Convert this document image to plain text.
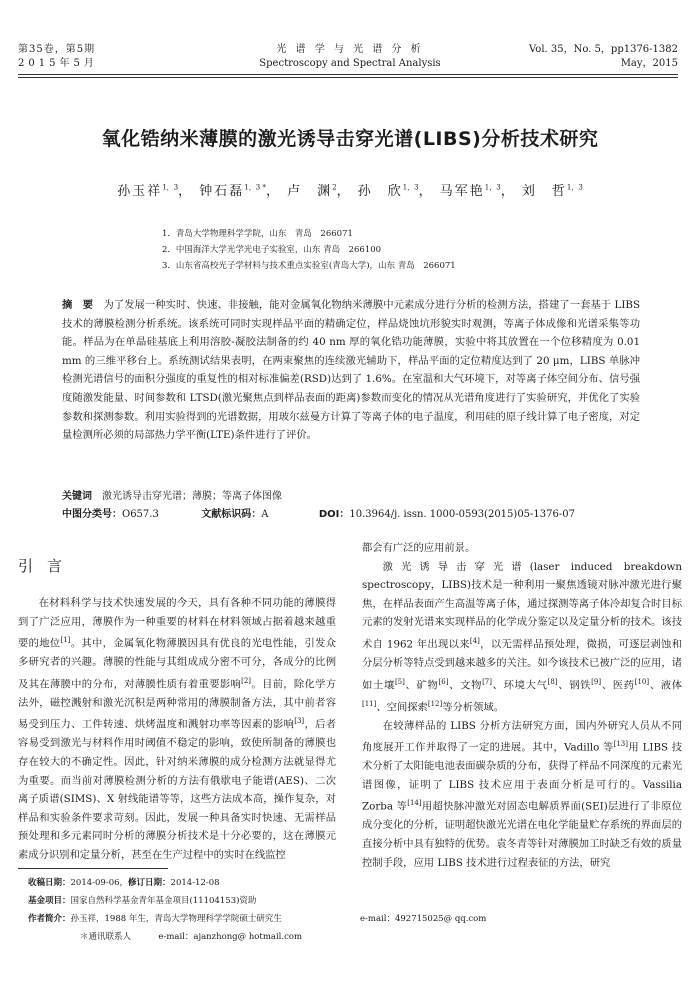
第35卷，第5期
2015年5月
光 谱 学 与 光 谱 分 析
Spectroscopy and Spectral Analysis
Vol. 35，No. 5，pp1376-1382
May，2015
氧化锆纳米薄膜的激光诱导击穿光谱(LIBS)分析技术研究
孙玉祥$^{1,3}$， 钟石磊$^{1,3 *}$， 卢　渊$^2$， 孙　欣$^{1,3}$， 马军艳$^{1,3}$， 刘　哲$^{1,3}$
1．青岛大学物理科学学院，山东　青岛　266071
2．中国海洋大学光学光电子实验室，山东 青岛　266100
3．山东省高校光子学材料与技术重点实验室(青岛大学)，山东 青岛　266071
摘　要　 为了发展一种实时、快速、非接触，能对金属氧化物纳米薄膜中元素成分进行分析的检测方法，搭建了一套基于 LIBS 技术的薄膜检测分析系统。该系统可同时实现样品平面的精确定位，样品烧蚀坑形貌实时观测，等离子体成像和光谱采集等功能。样品为在单晶硅基底上利用溶胶-凝胶法制备的约 40 nm 厚的氧化锆功能薄膜，实验中将其放置在一个位移精度为 0.01 mm 的三维平移台上。系统测试结果表明，在两束聚焦的连续激光辅助下，样品平面的定位精度达到了 20 μm，LIBS 单脉冲检测光谱信号的面积分强度的重复性的相对标准偏差(RSD)达到了 1.6%。在室温和大气环境下，对等离子体空间分布、信号强度随激发能量、时间参数和 LTSD(激光聚焦点到样品表面的距离)参数而变化的情况从光谱角度进行了实验研究，并优化了实验参数和探测参数。利用实验得到的光谱数据，用玻尔兹曼方计算了等离子体的电子温度，利用硅的原子线计算了电子密度，对定量检测所必须的局部热力学平衡(LTE)条件进行了评价。
关键词　 激光诱导击穿光谱；薄膜；等离子体图像
中图分类号：O657.3	文献标识码：A	DOI：10.3964/j. issn. 1000-0593(2015)05-1376-07
引言
在材料科学与技术快速发展的今天，具有各种不同功能的薄膜得到了广泛应用，薄膜作为一种重要的材料在材料领域占据着越来越重要的地位[1]。其中，金属氧化物薄膜因具有优良的光电性能，引发众多研究者的兴趣。薄膜的性能与其组成成分密不可分，各成分的比例及其在薄膜中的分布，对薄膜性质有着重要影响[2]。目前，除化学方法外，磁控溅射和激光沉积是两种常用的薄膜制备方法，其中前者容易受到压力、工件转速、烘烤温度和溅射功率等因素的影响[3]，后者容易受到激光与材料作用时阈值不稳定的影响，致使所制备的薄膜也存在较大的不确定性。因此，针对纳米薄膜的成分检测方法就显得尤为重要。而当前对薄膜检测分析的方法有俄歇电子能谱(AES)、二次离子质谱(SIMS)、X 射线能谱等等，这些方法成本高，操作复杂，对样品和实验条件要求苛刻。因此，发展一种具备实时快速、无需样品预处理和多元素同时分析的薄膜分析技术是十分必要的，这在薄膜元素成分识别和定量分析，甚至在生产过程中的实时在线监控
都会有广泛的应用前景。
激光诱导击穿光谱(laser induced breakdown spectroscopy，LIBS)技术是一种利用一聚焦透镜对脉冲激光进行聚焦，在样品表面产生高温等离子体，通过探测等离子体冷却复合时目标元素的发射光谱来实现样品的化学成分鉴定以及定量分析的技术。该技术自 1962 年出现以来[4]，以无需样品预处理，微损，可逐层剥蚀和分层分析等特点受到越来越多的关注。如今该技术已被广泛的应用，诸如土壤[5]、矿物[6]、文物[7]、环境大气[8]、钢铁[9]、医药[10]、液体[11]、空间探索[12]等分析领域。
在较薄样品的 LIBS 分析方法研究方面，国内外研究人员从不同角度展开工作并取得了一定的进展。其中，Vadillo 等[13]用 LIBS 技术分析了太阳能电池表面碳杂质的分布，获得了样品不同深度的元素光谱图像，证明了 LIBS 技术应用于表面分析是可行的。Vassilia Zorba 等[14]用超快脉冲激光对固态电解质界面(SEI)层进行了非原位成分变化的分析，证明超快激光光谱在电化学能量贮存系统的界面层的直接分析中具有独特的优势。袁冬青等针对薄膜加工时缺乏有效的质量控制手段，应用 LIBS 技术进行过程表征的方法，研究
收稿日期：2014-09-06，修订日期：2014-12-08
基金项目：国家自然科学基金青年基金项目(11104153)资助
作者简介：孙玉祥，1988 年生，青岛大学物理科学学院硕士研究生	e-mail：492715025@ qq.com
＊通讯联系人	e-mail：ajanzhong@ hotmail.com
